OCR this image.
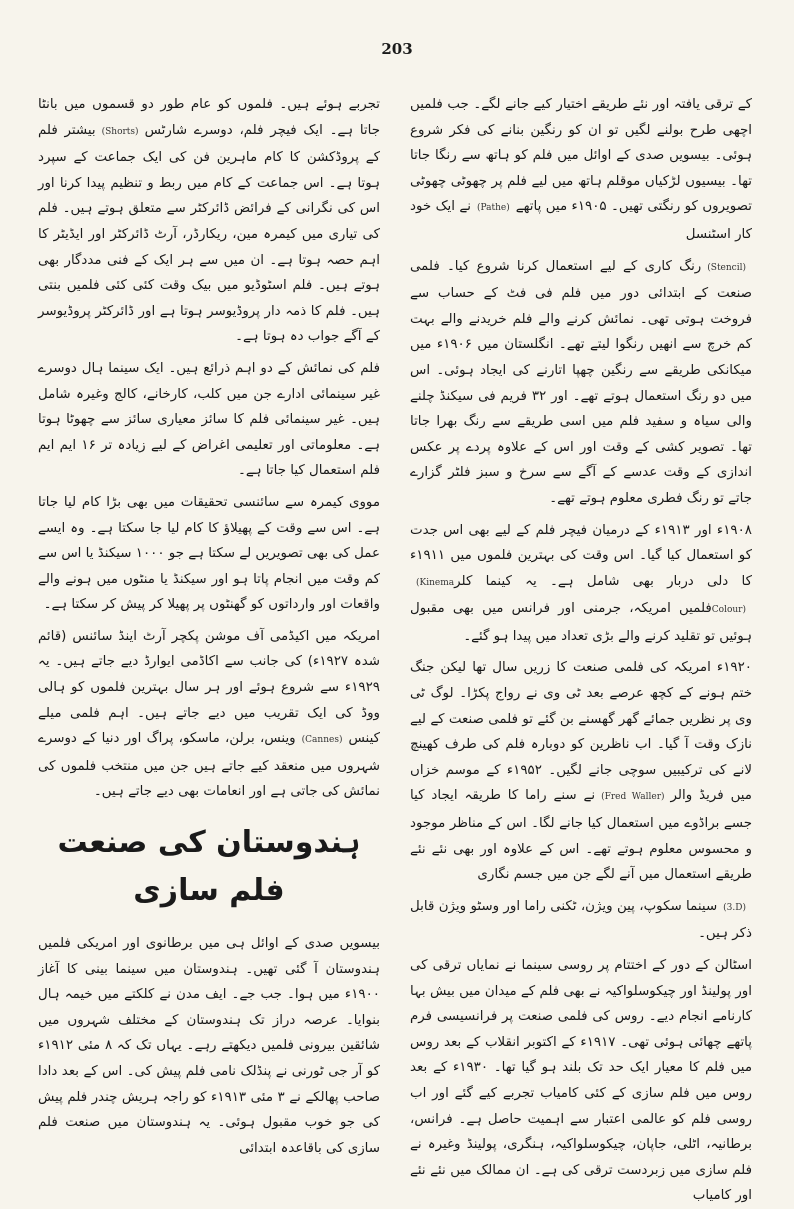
203

کے ترقی یافتہ اور نئے طریقے اختیار کیے جانے لگے۔ جب فلمیں اچھی طرح بولنے لگیں تو ان کو رنگین بنانے کی فکر شروع ہوئی۔ بیسویں صدی کے اوائل میں فلم کو ہاتھ سے رنگا جاتا تھا۔ بیسیوں لڑکیاں موقلم ہاتھ میں لیے فلم پر چھوٹی چھوٹی تصویروں کو رنگتی تھیں۔ ۱۹۰۵ء میں پاتھے(Pathe)نے ایک خود کار اسٹنسل

(Stencil)رنگ کاری کے لیے استعمال کرنا شروع کیا۔ فلمی صنعت کے ابتدائی دور میں فلم فی فٹ کے حساب سے فروخت ہوتی تھی۔ نمائش کرنے والے فلم خریدنے والے بہت کم خرچ سے انھیں رنگوا لیتے تھے۔ انگلستان میں ۱۹۰۶ء میں میکانکی طریقے سے رنگین چھپا اتارنے کی ایجاد ہوئی۔ اس میں دو رنگ استعمال ہوتے تھے۔ اور ۳۲ فریم فی سیکنڈ چلنے والی سیاہ و سفید فلم میں اسی طریقے سے رنگ بھرا جاتا تھا۔ تصویر کشی کے وقت اور اس کے علاوہ پردے پر عکس اندازی کے وقت عدسے کے آگے سے سرخ و سبز فلٹر گزارے جاتے تو رنگ فطری معلوم ہوتے تھے۔

۱۹۰۸ء اور ۱۹۱۳ء کے درمیان فیچر فلم کے لیے بھی اس جدت کو استعمال کیا گیا۔ اس وقت کی بہترین فلموں میں ۱۹۱۱ء کا دلی دربار بھی شامل ہے۔ یہ کینما کلر(Kinema Colour)فلمیں امریکہ، جرمنی اور فرانس میں بھی مقبول ہوئیں تو تقلید کرنے والے بڑی تعداد میں پیدا ہو گئے۔

۱۹۲۰ء امریکہ کی فلمی صنعت کا زریں سال تھا لیکن جنگ ختم ہونے کے کچھ عرصے بعد ٹی وی نے رواج پکڑا۔ لوگ ٹی وی پر نظریں جمائے گھر گھسنے بن گئے تو فلمی صنعت کے لیے نازک وقت آ گیا۔ اب ناظرین کو دوبارہ فلم کی طرف کھینچ لانے کی ترکیبیں سوچی جانے لگیں۔ ۱۹۵۲ء کے موسم خزاں میں فریڈ والر(Fred Waller)نے سنے راما کا طریقہ ایجاد کیا جسے براڈوے میں استعمال کیا جانے لگا۔ اس کے مناظر موجود و محسوس معلوم ہوتے تھے۔ اس کے علاوہ اور بھی نئے نئے طریقے استعمال میں آنے لگے جن میں جسم نگاری

(3.D)سینما سکوپ، پین ویژن، ٹکنی راما اور وسٹو ویژن قابل ذکر ہیں۔

اسٹالن کے دور کے اختتام پر روسی سینما نے نمایاں ترقی کی اور پولینڈ اور چیکوسلواکیہ نے بھی فلم کے میدان میں بیش بہا کارنامے انجام دیے۔ روس کی فلمی صنعت پر فرانسیسی فرم پاتھے چھائی ہوئی تھی۔ ۱۹۱۷ء کے اکتوبر انقلاب کے بعد روس میں فلم کا معیار ایک حد تک بلند ہو گیا تھا۔ ۱۹۳۰ء کے بعد روس میں فلم سازی کے کئی کامیاب تجربے کیے گئے اور اب روسی فلم کو عالمی اعتبار سے اہمیت حاصل ہے۔ فرانس، برطانیہ، اٹلی، جاپان، چیکوسلواکیہ، ہنگری، پولینڈ وغیرہ نے فلم سازی میں زبردست ترقی کی ہے۔ ان ممالک میں نئے نئے اور کامیاب

تجربے ہوئے ہیں۔ فلموں کو عام طور دو قسموں میں بانٹا جاتا ہے۔ ایک فیچر فلم، دوسرے شارٹس(Shorts)بیشتر فلم کے پروڈکشن کا کام ماہرین فن کی ایک جماعت کے سپرد ہوتا ہے۔ اس جماعت کے کام میں ربط و تنظیم پیدا کرنا اور اس کی نگرانی کے فرائض ڈائرکٹر سے متعلق ہوتے ہیں۔ فلم کی تیاری میں کیمرہ مین، ریکارڈر، آرٹ ڈائرکٹر اور ایڈیٹر کا اہم حصہ ہوتا ہے۔ ان میں سے ہر ایک کے فنی مددگار بھی ہوتے ہیں۔ فلم اسٹوڈیو میں بیک وقت کئی کئی فلمیں بنتی ہیں۔ فلم کا ذمہ دار پروڈیوسر ہوتا ہے اور ڈائرکٹر پروڈیوسر کے آگے جواب دہ ہوتا ہے۔

فلم کی نمائش کے دو اہم ذرائع ہیں۔ ایک سینما ہال دوسرے غیر سینمائی ادارے جن میں کلب، کارخانے، کالج وغیرہ شامل ہیں۔ غیر سینمائی فلم کا سائز معیاری سائز سے چھوٹا ہوتا ہے۔ معلوماتی اور تعلیمی اغراض کے لیے زیادہ تر ۱۶ ایم ایم فلم استعمال کیا جاتا ہے۔

مووی کیمرہ سے سائنسی تحقیقات میں بھی بڑا کام لیا جاتا ہے۔ اس سے وقت کے پھیلاؤ کا کام لیا جا سکتا ہے۔ وہ ایسے عمل کی بھی تصویریں لے سکتا ہے جو ۱۰۰۰ سیکنڈ یا اس سے کم وقت میں انجام پاتا ہو اور سیکنڈ یا منٹوں میں ہونے والے واقعات اور وارداتوں کو گھنٹوں پر پھیلا کر پیش کر سکتا ہے۔

امریکہ میں اکیڈمی آف موشن پکچر آرٹ اینڈ سائنس (قائم شدہ ۱۹۲۷ء) کی جانب سے اکاڈمی ایوارڈ دیے جاتے ہیں۔ یہ ۱۹۲۹ء سے شروع ہوئے اور ہر سال بہترین فلموں کو ہالی ووڈ کی ایک تقریب میں دیے جاتے ہیں۔ اہم فلمی میلے کینس(Cannes)وینس، برلن، ماسکو، پراگ اور دنیا کے دوسرے شہروں میں منعقد کیے جاتے ہیں جن میں منتخب فلموں کی نمائش کی جاتی ہے اور انعامات بھی دیے جاتے ہیں۔

ہندوستان کی صنعت فلم سازی

بیسویں صدی کے اوائل ہی میں برطانوی اور امریکی فلمیں ہندوستان آ گئی تھیں۔ ہندوستان میں سینما بینی کا آغاز ۱۹۰۰ء میں ہوا۔ جب جے۔ ایف مدن نے کلکتے میں خیمہ ہال بنوایا۔ عرصہ دراز تک ہندوستان کے مختلف شہروں میں شائقین بیرونی فلمیں دیکھتے رہے۔ یہاں تک کہ ۸ مئی ۱۹۱۲ء کو آر جی ٹورنی نے پنڈلک نامی فلم پیش کی۔ اس کے بعد دادا صاحب پھالکے نے ۳ مئی ۱۹۱۳ء کو راجہ ہریش چندر فلم پیش کی جو خوب مقبول ہوئی۔ یہ ہندوستان میں صنعت فلم سازی کی باقاعدہ ابتدائی
